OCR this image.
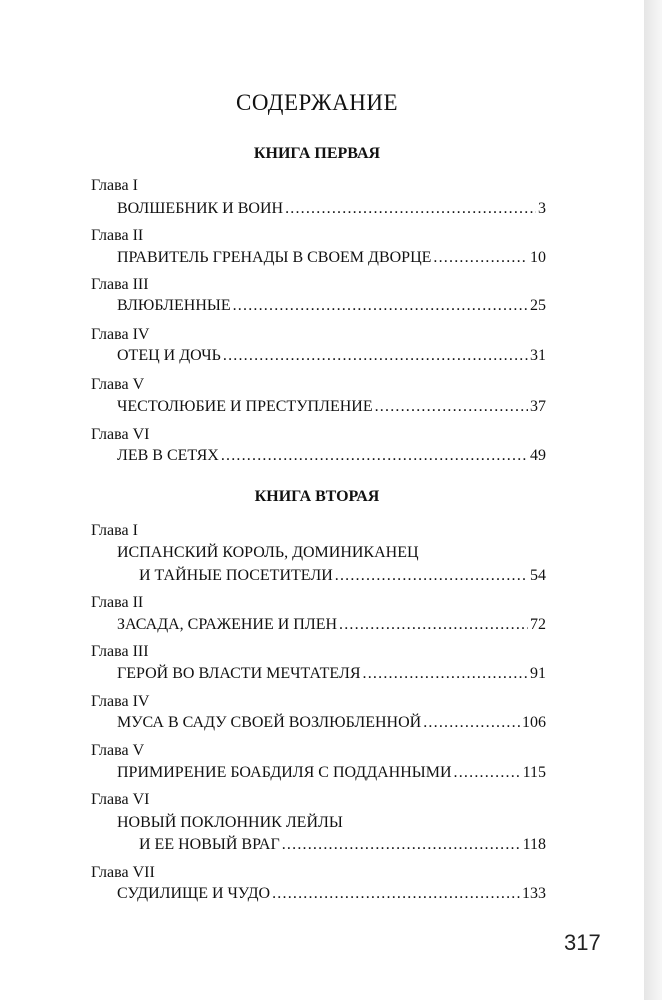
СОДЕРЖАНИЕ
КНИГА ПЕРВАЯ
Глава I
ВОЛШЕБНИК И ВОИН .....	3
Глава II
ПРАВИТЕЛЬ ГРЕНАДЫ В СВОЕМ ДВОРЦЕ .....	10
Глава III
ВЛЮБЛЕННЫЕ .....	25
Глава IV
ОТЕЦ И ДОЧЬ .....	31
Глава V
ЧЕСТОЛЮБИЕ И ПРЕСТУПЛЕНИЕ .....	37
Глава VI
ЛЕВ В СЕТЯХ .....	49
КНИГА ВТОРАЯ
Глава I
ИСПАНСКИЙ КОРОЛЬ, ДОМИНИКАНЕЦ
И ТАЙНЫЕ ПОСЕТИТЕЛИ .....	54
Глава II
ЗАСАДА, СРАЖЕНИЕ И ПЛЕН .....	72
Глава III
ГЕРОЙ ВО ВЛАСТИ МЕЧТАТЕЛЯ .....	91
Глава IV
МУСА В САДУ СВОЕЙ ВОЗЛЮБЛЕННОЙ .....	106
Глава V
ПРИМИРЕНИЕ БОАБДИЛЯ С ПОДДАННЫМИ .....	115
Глава VI
НОВЫЙ ПОКЛОННИК ЛЕЙЛЫ
И ЕЕ НОВЫЙ ВРАГ .....	118
Глава VII
СУДИЛИЩЕ И ЧУДО .....	133
317
